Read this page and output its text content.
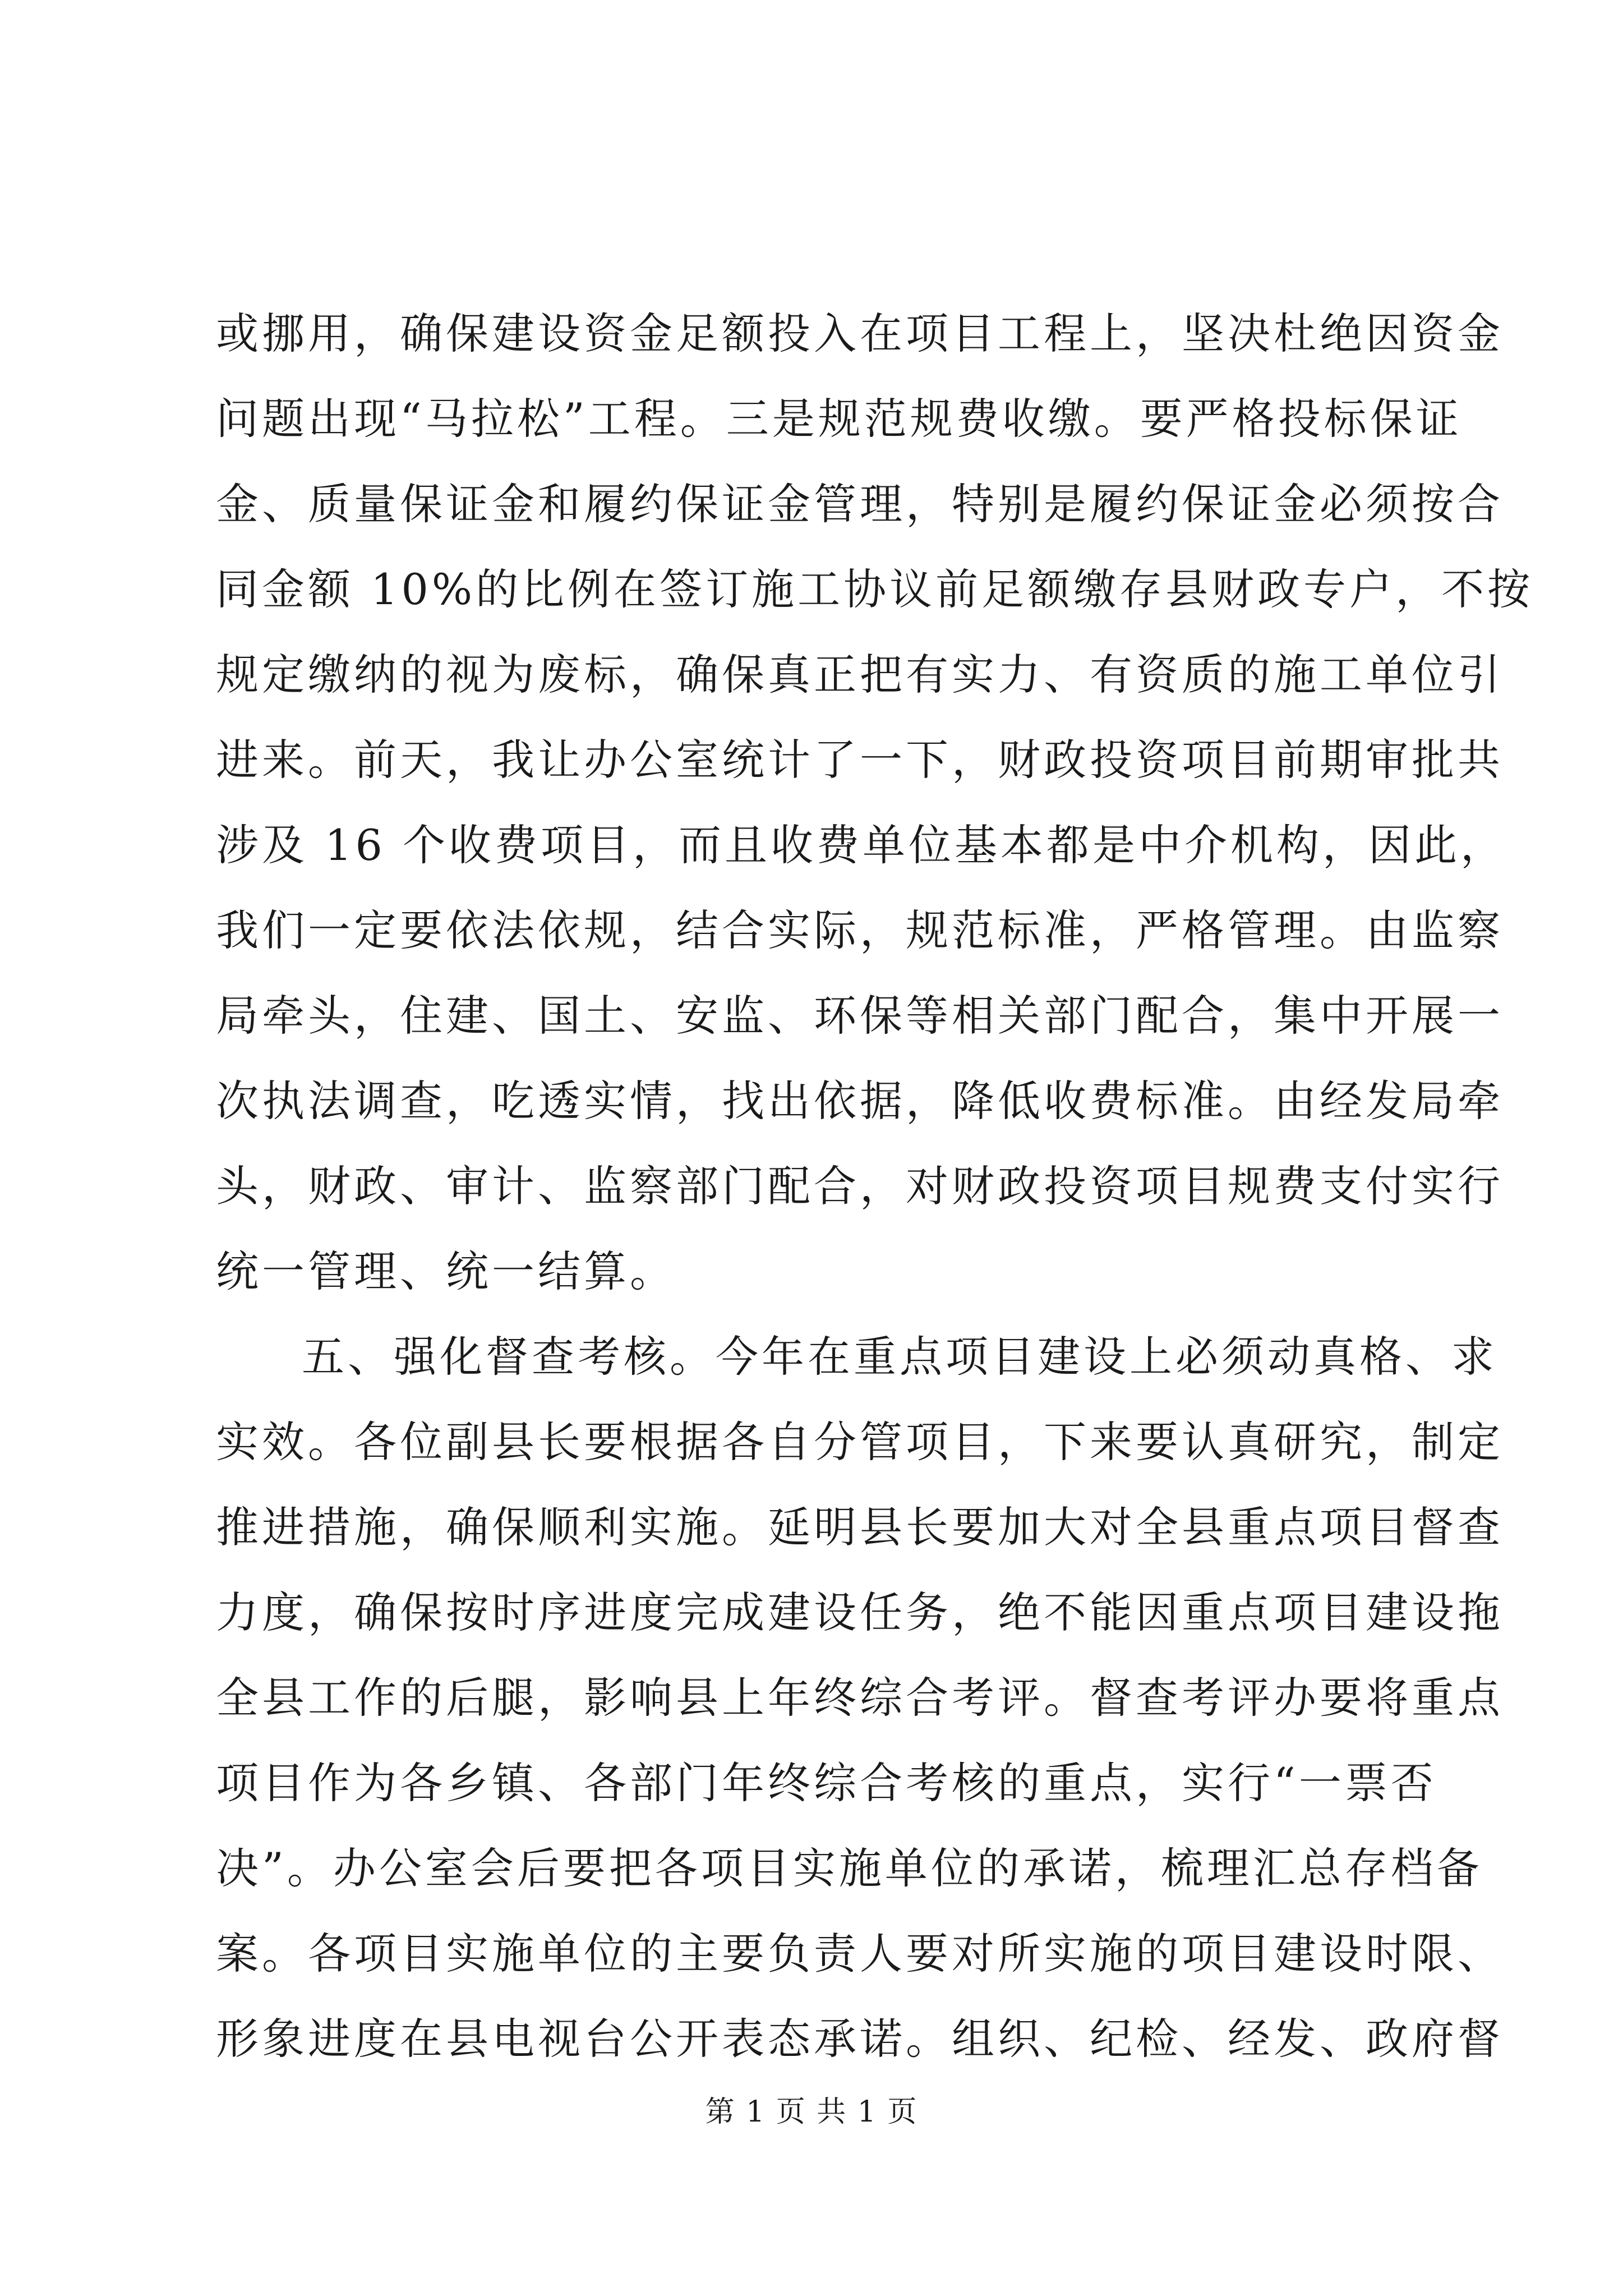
或挪用，确保建设资金足额投入在项目工程上，坚决杜绝因资金
问题出现“马拉松”工程。三是规范规费收缴。要严格投标保证
金、质量保证金和履约保证金管理，特别是履约保证金必须按合
同金额 10%的比例在签订施工协议前足额缴存县财政专户，不按
规定缴纳的视为废标，确保真正把有实力、有资质的施工单位引
进来。前天，我让办公室统计了一下，财政投资项目前期审批共
涉及 16 个收费项目，而且收费单位基本都是中介机构，因此，
我们一定要依法依规，结合实际，规范标准，严格管理。由监察
局牵头，住建、国土、安监、环保等相关部门配合，集中开展一
次执法调查，吃透实情，找出依据，降低收费标准。由经发局牵
头，财政、审计、监察部门配合，对财政投资项目规费支付实行
统一管理、统一结算。
五、强化督查考核。今年在重点项目建设上必须动真格、求
实效。各位副县长要根据各自分管项目，下来要认真研究，制定
推进措施，确保顺利实施。延明县长要加大对全县重点项目督查
力度，确保按时序进度完成建设任务，绝不能因重点项目建设拖
全县工作的后腿，影响县上年终综合考评。督查考评办要将重点
项目作为各乡镇、各部门年终综合考核的重点，实行“一票否
决”。办公室会后要把各项目实施单位的承诺，梳理汇总存档备
案。各项目实施单位的主要负责人要对所实施的项目建设时限、
形象进度在县电视台公开表态承诺。组织、纪检、经发、政府督
第 1 页 共 1 页
